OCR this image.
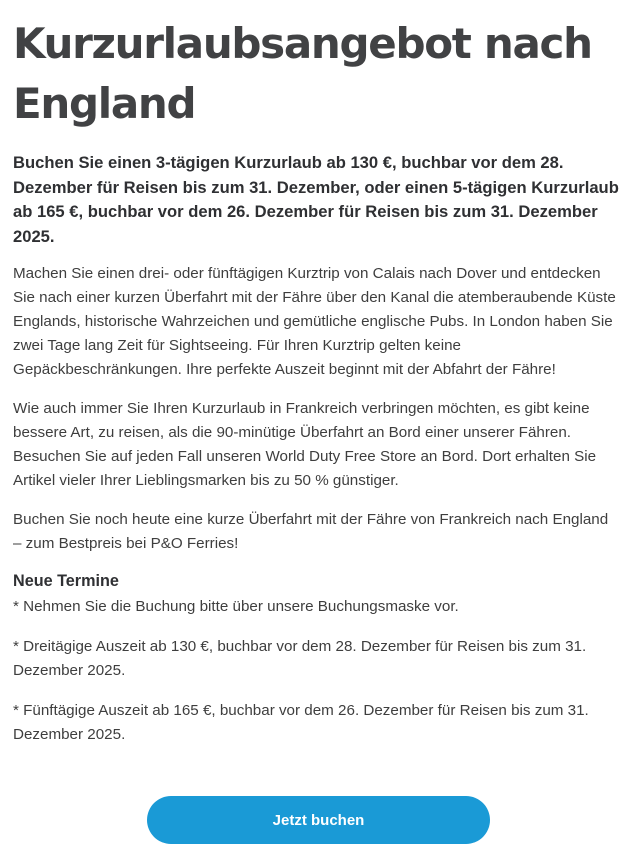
Kurzurlaubsangebot nach England

Buchen Sie einen 3-tägigen Kurzurlaub ab 130 €, buchbar vor dem 28. Dezember für Reisen bis zum 31. Dezember, oder einen 5-tägigen Kurzurlaub ab 165 €, buchbar vor dem 26. Dezember für Reisen bis zum 31. Dezember 2025.

Machen Sie einen drei- oder fünftägigen Kurztrip von Calais nach Dover und entdecken Sie nach einer kurzen Überfahrt mit der Fähre über den Kanal die atemberaubende Küste Englands, historische Wahrzeichen und gemütliche englische Pubs. In London haben Sie zwei Tage lang Zeit für Sightseeing. Für Ihren Kurztrip gelten keine Gepäckbeschränkungen. Ihre perfekte Auszeit beginnt mit der Abfahrt der Fähre!

Wie auch immer Sie Ihren Kurzurlaub in Frankreich verbringen möchten, es gibt keine bessere Art, zu reisen, als die 90-minütige Überfahrt an Bord einer unserer Fähren. Besuchen Sie auf jeden Fall unseren World Duty Free Store an Bord. Dort erhalten Sie Artikel vieler Ihrer Lieblingsmarken bis zu 50 % günstiger.

Buchen Sie noch heute eine kurze Überfahrt mit der Fähre von Frankreich nach England – zum Bestpreis bei P&O Ferries!

Neue Termine
* Nehmen Sie die Buchung bitte über unsere Buchungsmaske vor.
* Dreitägige Auszeit ab 130 €, buchbar vor dem 28. Dezember für Reisen bis zum 31. Dezember 2025.
* Fünftägige Auszeit ab 165 €, buchbar vor dem 26. Dezember für Reisen bis zum 31. Dezember 2025.
Jetzt buchen
